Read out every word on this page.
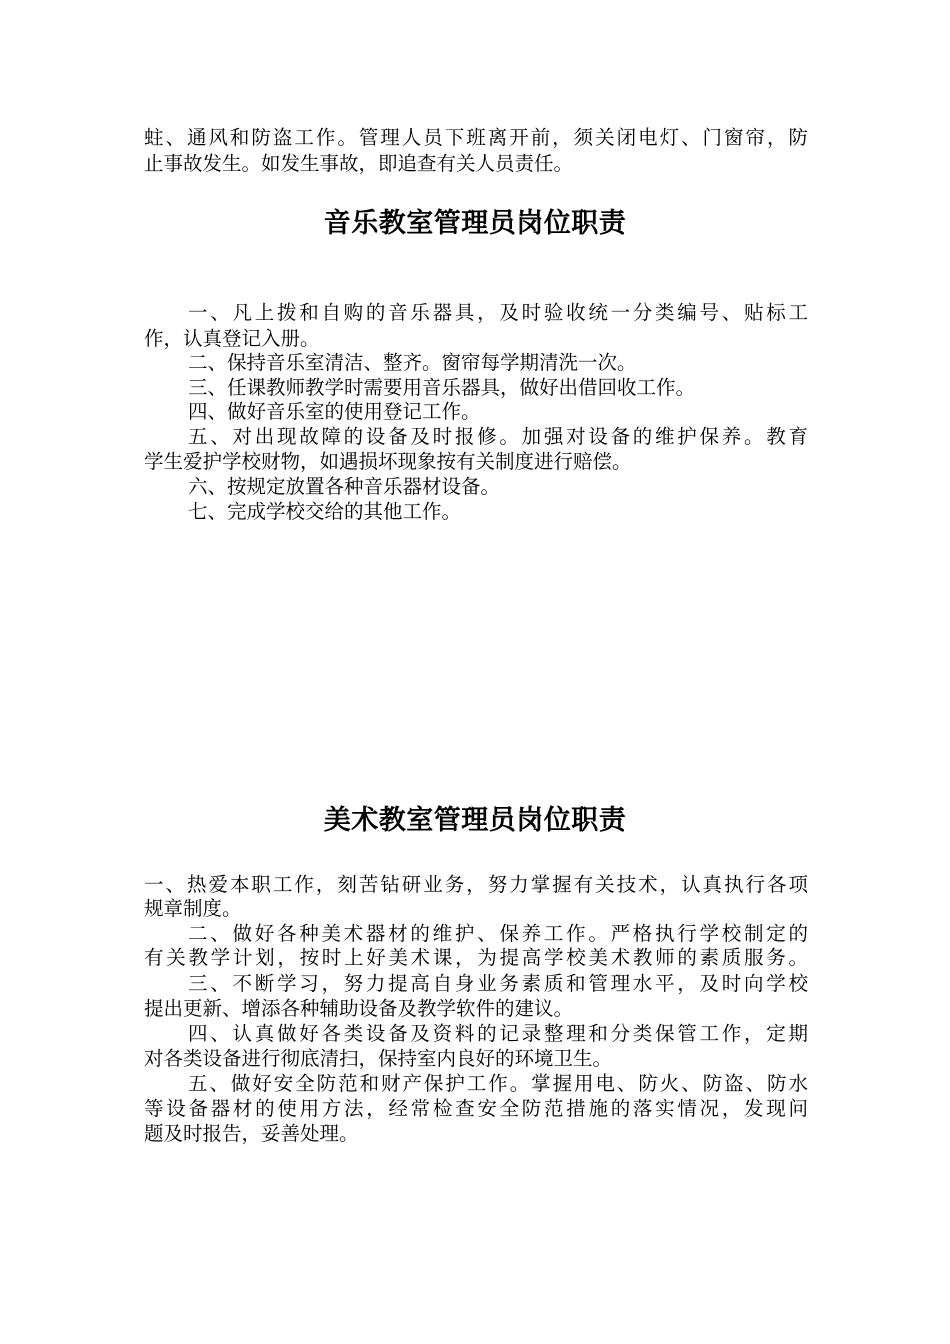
蛀、通风和防盗工作。管理人员下班离开前，须关闭电灯、门窗帘，防
止事故发生。如发生事故，即追查有关人员责任。
音乐教室管理员岗位职责
一、凡上拨和自购的音乐器具，及时验收统一分类编号、贴标工
作，认真登记入册。
二、保持音乐室清洁、整齐。窗帘每学期清洗一次。
三、任课教师教学时需要用音乐器具，做好出借回收工作。
四、做好音乐室的使用登记工作。
五、对出现故障的设备及时报修。加强对设备的维护保养。教育
学生爱护学校财物，如遇损坏现象按有关制度进行赔偿。
六、按规定放置各种音乐器材设备。
七、完成学校交给的其他工作。
美术教室管理员岗位职责
一、热爱本职工作，刻苦钻研业务，努力掌握有关技术，认真执行各项
规章制度。
二、做好各种美术器材的维护、保养工作。严格执行学校制定的
有关教学计划，按时上好美术课，为提高学校美术教师的素质服务。
三、不断学习，努力提高自身业务素质和管理水平，及时向学校
提出更新、增添各种辅助设备及教学软件的建议。
四、认真做好各类设备及资料的记录整理和分类保管工作，定期
对各类设备进行彻底清扫，保持室内良好的环境卫生。
五、做好安全防范和财产保护工作。掌握用电、防火、防盗、防水
等设备器材的使用方法，经常检查安全防范措施的落实情况，发现问
题及时报告，妥善处理。
